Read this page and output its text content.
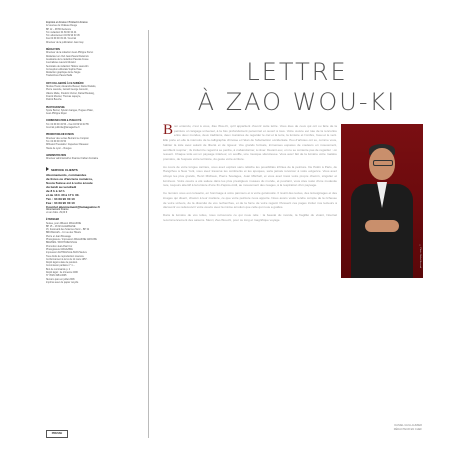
Imprimé en France / Printed in France

12 avenue du Château Rouge

BP 12 – 38700 Aurience

Tél. rédaction 04 69 90 33 44

Tél. abonnement 04 69 90 33 45

Fax 04 69 90 33 46 / Courriel

Directeur de la publication Jean Gay

RÉDACTION

Directeur de la rédaction Jean-Philippe Perret

Rédacteur en chef Jean-Pascal Delacroix

Assistante de la rédaction Pascale Fosse

Journalistes Laurent Morand

Secrétaire de rédaction Hélène Laurentin

Conception éditoriale Sophie Hase

Rédaction graphique Anne Nègre

Traductrices Pascal Sallé

ONT COLLABORÉ À CE NUMÉRO

Nicolas Hoval, Alexandre Bessel, Daniel Delatre,

Pierre Laurette, Gérard George Jarvenin,

Valérie Matte, Frédéric Vernet, Daniel Boutang,

Franck Mourier, Thomas Lapeyre,

Patrick Bouche

PHOTOGRAPHIE

Sylvie Burnel, Sylvain Ganges, Hugues Plaisi,

Jean-Philippe Rojen

COMMUNICATION & PUBLICITÉ

Tél. 04 69 90 43 56 – Fax 04 69 90 43 55

Courriel publicite@lamagazine.fr

PROMOTION-DIFFUSION

Directeur des ventes Bernard Le Conpion

Tél. 04 69 90 33 50

Diffusion Presstalis / Inspecteur Réseaux

Hauts de Lyon – Rouges

ADMINISTRATION

Directeur administratif et financier Fabien Fontaine

SERVICE CLIENTS

Abonnements, commandes

de livres ou d'anciens numéros,

Soora Suisse est à votre écoute

du lundi au vendredi

de 8 h à 12 h

et de 13 h 30 à 17 h 30.

Tél. : 04 69 90 00 10

Fax : 04 69 90 00 10

Courriel abonnement@lamagazine.fr

Abonnement France

un an d'abo. 29,00 €

ÉTRANGER

Suisse, pour diffusion MAGAZINE

BP 15 – 18 92 ALLEMAGNE

15, boulevard des Sciences Nord – BP 32

BRUXELLES – 11 rue des Tilleuls

Pierre et Jean Bressage

Photogravure / Impression MAGAZINE GROUPE

BIEVRES / MONT-MEUVILLE

Promotion Jean-Paul Cor

Photogravure MAGAZINE

Impression AUTREVILLE-SUR-Hauriva

Tous droits de reproduction réservés.

Conformément à la loi du 11 mars 1957.

Dépôt légal à date de parution.

Commission paritaire n° 1 –

Bon de commande p. 2

Dépôt légal : 2e trimestre 2006

N° ISSN 1954-3005

Numéro paru en juillet 2006

Imprimé avec du papier recyclé

PRESSE
LETTRE
À ZAO WOU-KI
© Photo : Michel Bessard

Bien entendu, c'est à vous, Zao Wou-Ki, qu'il appartient d'ouvrir cette lettre. Vous êtes de ceux qui ont su faire de la peinture un langage universel, à la fois profondément personnel et ouvert à tous. Votre œuvre est née de la rencontre entre deux mondes, deux traditions, deux manières de regarder le ciel et la terre, la lumière et l'ombre, l'eau et le vent. Elle porte en elle la mémoire de la calligraphie chinoise et l'élan de l'abstraction occidentale. Peu d'artistes ont su, comme vous, habiter la toile avec autant de liberté et de rigueur. Vos grands formats, immenses espaces de couleurs en mouvement, semblent respirer ; ils invitent le regard à se perdre, à s'abandonner, à rêver. Devant eux, on ne se contente pas de regarder : on ressent. Chaque toile est un paysage intérieur, un souffle, une musique silencieuse. Vous avez fait de la lumière votre matière première, de l'espace votre territoire, du geste votre écriture.

Au cours de votre longue carrière, vous avez exploré sans relâche les possibilités infinies de la peinture. De Pékin à Paris, de Hangzhou à New York, vous avez traversé les continents et les époques, sans jamais renoncer à votre exigence. Vous avez côtoyé les plus grands, Henri Michaux, Pierre Soulages, Joan Mitchell, et vous avez tracé votre propre chemin, singulier et lumineux. Votre œuvre a été saluée dans les plus prestigieux musées du monde, et pourtant, vous êtes resté d'une modestie rare, toujours attentif à la lumière d'une fin d'après-midi, au mouvement des nuages, à la respiration d'un paysage.

Ce numéro vous est consacré, en hommage à votre parcours et à votre générosité. Il réunit des textes, des témoignages et des images qui disent, chacun à leur manière, ce que votre peinture nous apporte. Nous avons voulu rendre compte de la richesse de votre univers, de la diversité de vos recherches, et de la force de votre regard. Puissent ces pages inviter nos lecteurs à découvrir ou redécouvrir votre œuvre avec la même émotion que celle qui nous a guidés.

Dans la lumière de vos toiles, nous retrouvons ce qui nous relie : la beauté du monde, la fragilité du vivant, l'éternel recommencement des saisons. Merci, Zao Wou-Ki, pour ce long et magnifique voyage.

DANIEL GUILLAUMIER
RÉDACTEUR EN CHEF
